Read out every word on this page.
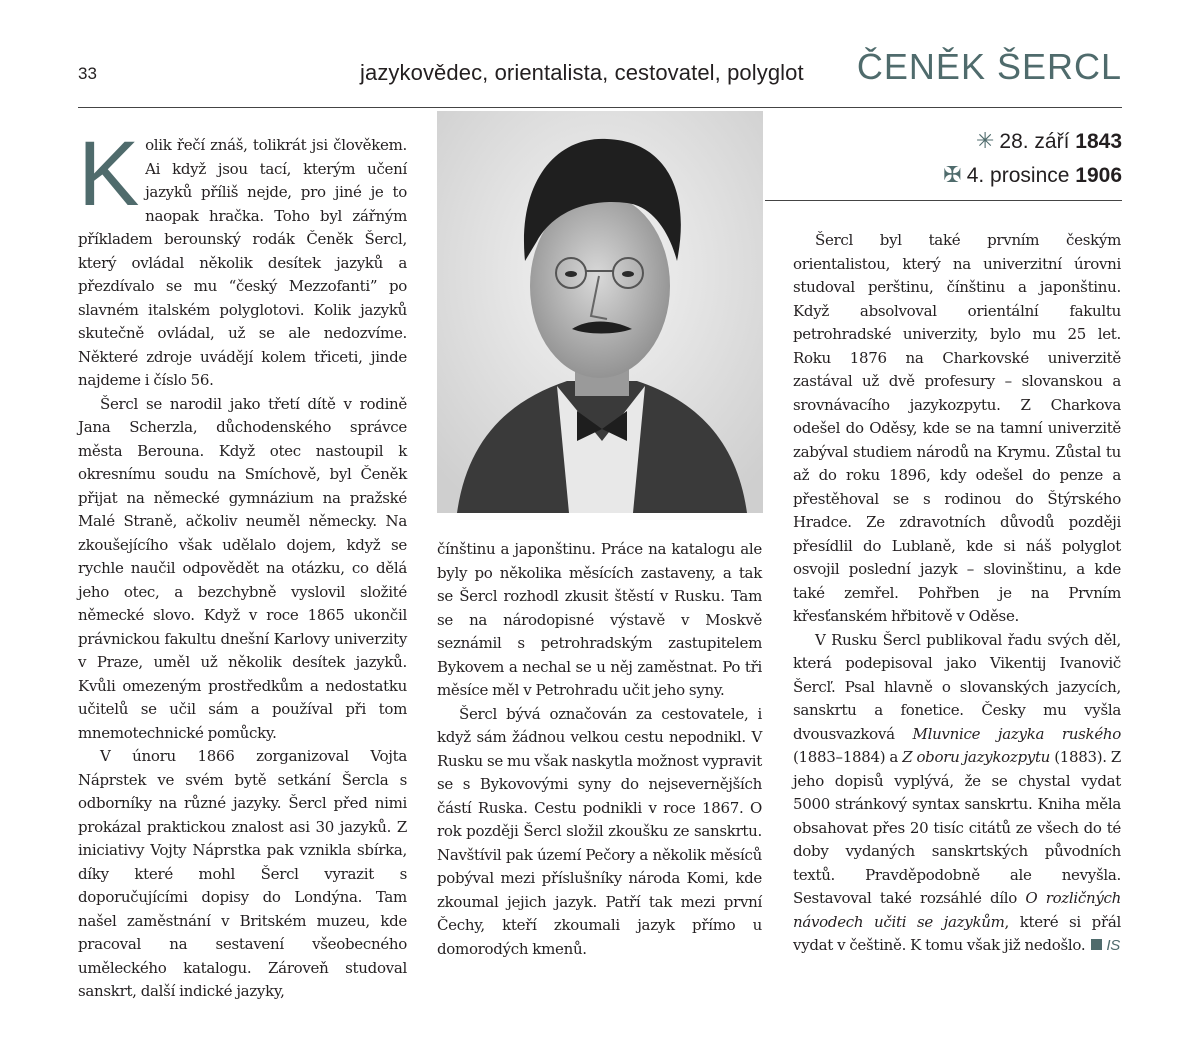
33	jazykovědec, orientalista, cestovatel, polyglot ČENĚK ŠERCL

Kolik řečí znáš, tolikrát jsi člověkem. Ai když jsou tací, kterým učení jazyků příliš nejde, pro jiné je to naopak hračka. Toho byl zářným příkladem berounský rodák Čeněk Šercl, který ovládal několik desítek jazyků a přezdívalo se mu “český Mezzofanti” po slavném italském polyglotovi. Kolik jazyků skutečně ovládal, už se ale nedozvíme. Některé zdroje uvádějí kolem třiceti, jinde najdeme i číslo 56.

Šercl se narodil jako třetí dítě v rodině Jana Scherzla, důchodenského správce města Berouna. Když otec nastoupil k okresnímu soudu na Smíchově, byl Čeněk přijat na německé gymnázium na pražské Malé Straně, ačkoliv neuměl německy. Na zkoušejícího však udělalo dojem, když se rychle naučil odpovědět na otázku, co dělá jeho otec, a bezchybně vyslovil složité německé slovo. Když v roce 1865 ukončil právnickou fakultu dnešní Karlovy univerzity v Praze, uměl už několik desítek jazyků. Kvůli omezeným prostředkům a nedostatku učitelů se učil sám a používal při tom mnemotechnické pomůcky.

V únoru 1866 zorganizoval Vojta Náprstek ve svém bytě setkání Šercla s odborníky na různé jazyky. Šercl před nimi prokázal praktickou znalost asi 30 jazyků. Z iniciativy Vojty Náprstka pak vznikla sbírka, díky které mohl Šercl vyrazit s doporučujícími dopisy do Londýna. Tam našel zaměstnání v Britském muzeu, kde pracoval na sestavení všeobecného uměleckého katalogu. Zároveň studoval sanskrt, další indické jazyky,

čínštinu a japonštinu. Práce na katalogu ale byly po několika měsících zastaveny, a tak se Šercl rozhodl zkusit štěstí v Rusku. Tam se na národopisné výstavě v Moskvě seznámil s petrohradským zastupitelem Bykovem a nechal se u něj zaměstnat. Po tři měsíce měl v Petrohradu učit jeho syny.

Šercl bývá označován za cestovatele, i když sám žádnou velkou cestu nepodnikl. V Rusku se mu však naskytla možnost vypravit se s Bykovovými syny do nejsevernějších částí Ruska. Cestu podnikli v roce 1867. O rok později Šercl složil zkoušku ze sanskrtu. Navštívil pak území Pečory a několik měsíců pobýval mezi příslušníky národa Komi, kde zkoumal jejich jazyk. Patří tak mezi první Čechy, kteří zkoumali jazyk přímo u domorodých kmenů.

✳ 28. září 1843
✠ 4. prosince 1906

Šercl byl také prvním českým orientalistou, který na univerzitní úrovni studoval perštinu, čínštinu a japonštinu. Když absolvoval orientální fakultu petrohradské univerzity, bylo mu 25 let. Roku 1876 na Charkovské univerzitě zastával už dvě profesury – slovanskou a srovnávacího jazykozpytu. Z Charkova odešel do Oděsy, kde se na tamní univerzitě zabýval studiem národů na Krymu. Zůstal tu až do roku 1896, kdy odešel do penze a přestěhoval se s rodinou do Štýrského Hradce. Ze zdravotních důvodů později přesídlil do Lublaně, kde si náš polyglot osvojil poslední jazyk – slovinštinu, a kde také zemřel. Pohřben je na Prvním křesťanském hřbitově v Oděse.

V Rusku Šercl publikoval řadu svých děl, která podepisoval jako Vikentij Ivanovič Šercľ. Psal hlavně o slovanských jazycích, sanskrtu a fonetice. Česky mu vyšla dvousvazková Mluvnice jazyka ruského (1883–1884) a Z oboru jazykozpytu (1883). Z jeho dopisů vyplývá, že se chystal vydat 5000 stránkový syntax sanskrtu. Kniha měla obsahovat přes 20 tisíc citátů ze všech do té doby vydaných sanskrtských původních textů. Pravděpodobně ale nevyšla. Sestavoval také rozsáhlé dílo O rozličných návodech učiti se jazykům, které si přál vydat v češtině. K tomu však již nedošlo. IS
